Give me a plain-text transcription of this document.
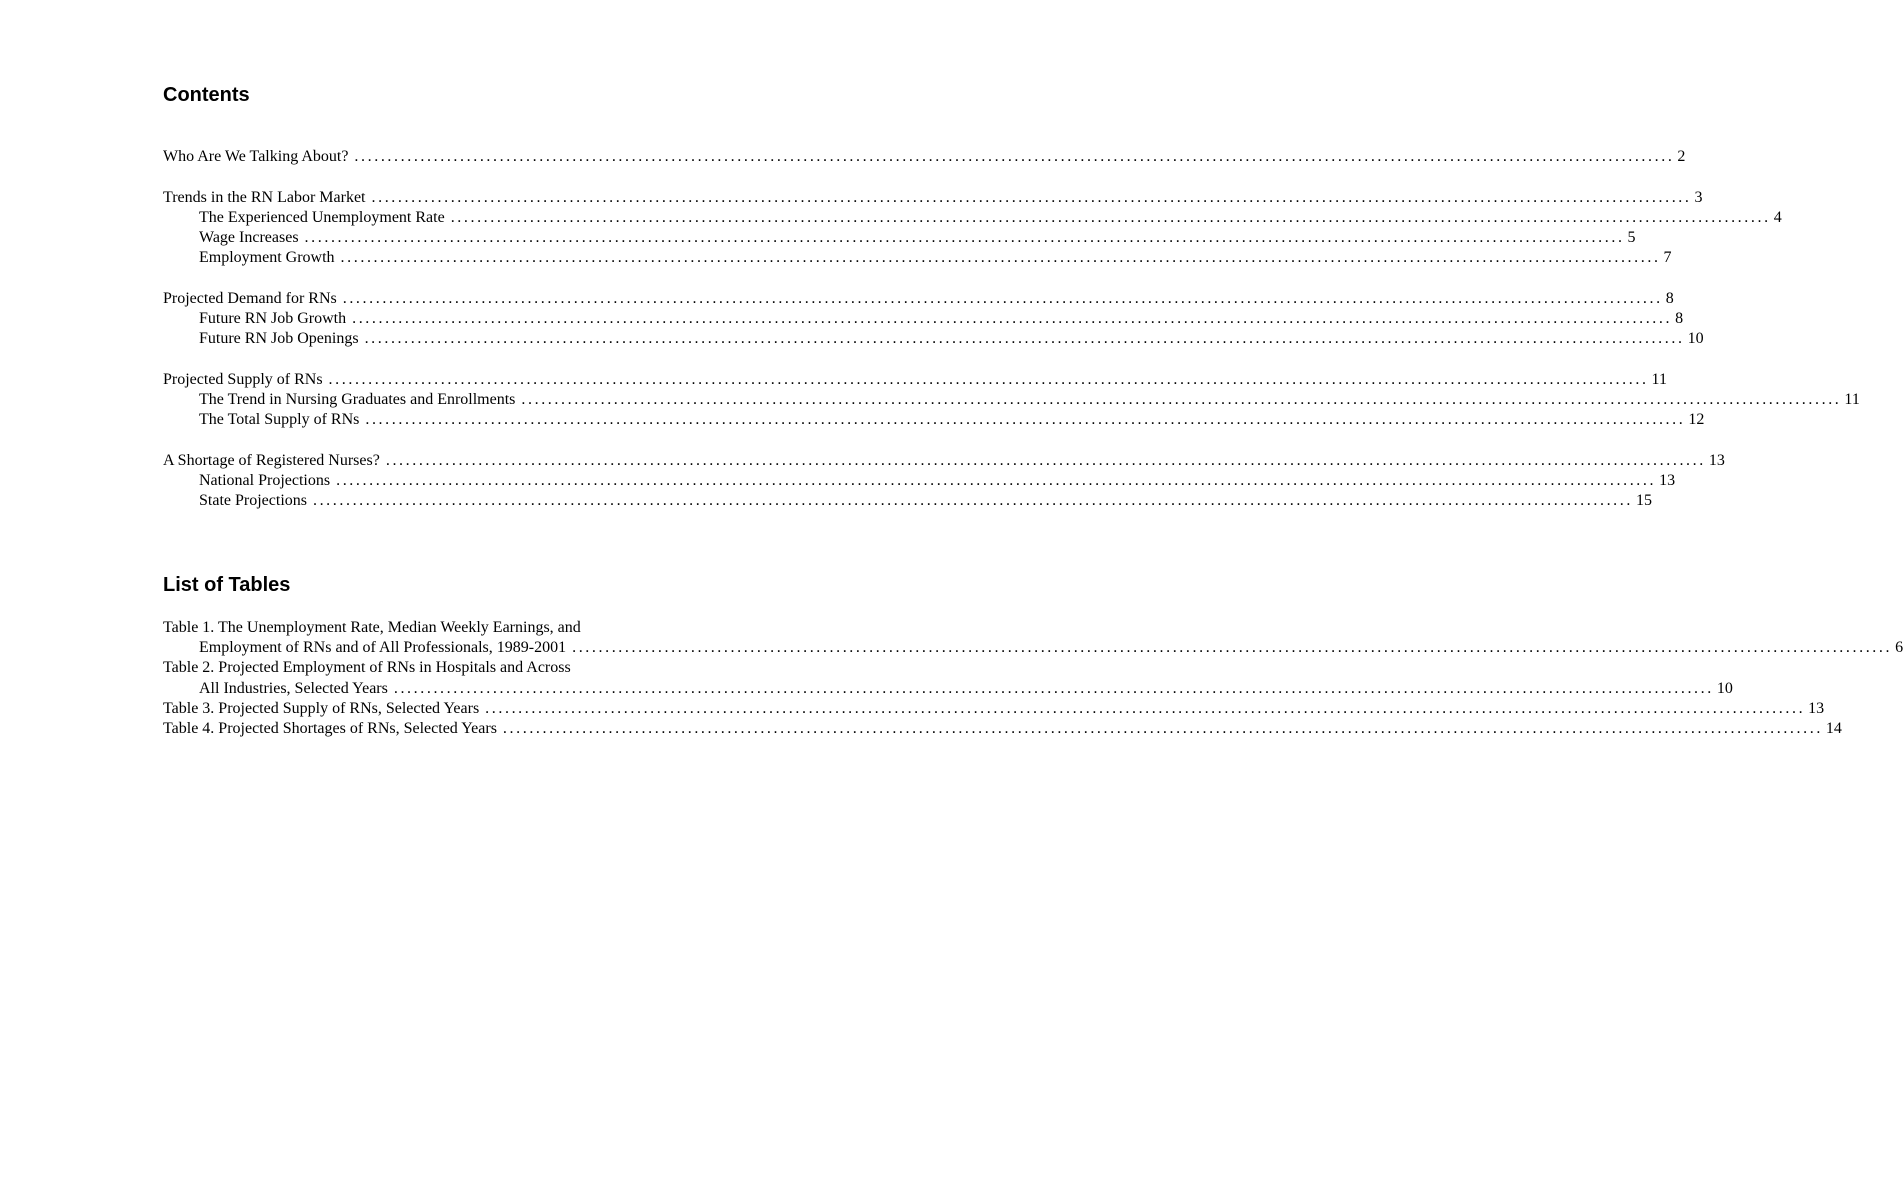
Contents
Who Are We Talking About? ........................................................................................................................................................................................................ 2
Trends in the RN Labor Market ........................................................................................................................................................................................................ 3
The Experienced Unemployment Rate ........................................................................................................................................................................................................ 4
Wage Increases ........................................................................................................................................................................................................ 5
Employment Growth ........................................................................................................................................................................................................ 7
Projected Demand for RNs ........................................................................................................................................................................................................ 8
Future RN Job Growth ........................................................................................................................................................................................................ 8
Future RN Job Openings ........................................................................................................................................................................................................ 10
Projected Supply of RNs ........................................................................................................................................................................................................ 11
The Trend in Nursing Graduates and Enrollments ........................................................................................................................................................................................................ 11
The Total Supply of RNs ........................................................................................................................................................................................................ 12
A Shortage of Registered Nurses? ........................................................................................................................................................................................................ 13
National Projections ........................................................................................................................................................................................................ 13
State Projections ........................................................................................................................................................................................................ 15
List of Tables
Table 1. The Unemployment Rate, Median Weekly Earnings, and
Employment of RNs and of All Professionals, 1989-2001 ........................................................................................................................................................................................................ 6
Table 2. Projected Employment of RNs in Hospitals and Across
All Industries, Selected Years ........................................................................................................................................................................................................ 10
Table 3. Projected Supply of RNs, Selected Years ........................................................................................................................................................................................................ 13
Table 4. Projected Shortages of RNs, Selected Years ........................................................................................................................................................................................................ 14
